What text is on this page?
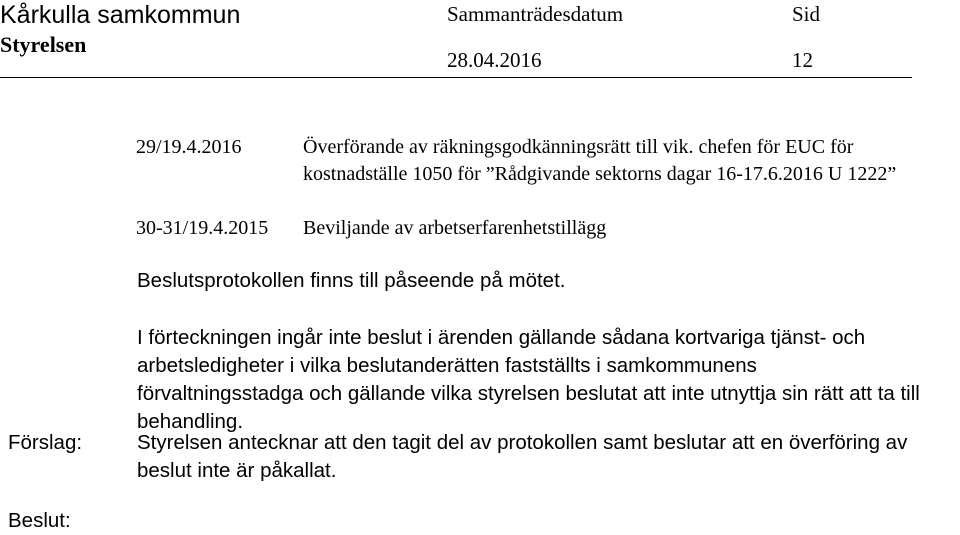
Kårkulla samkommun
Styrelsen
Sammanträdesdatum
28.04.2016
Sid
12
29/19.4.2016	Överförande av räkningsgodkänningsrätt till vik. chefen för EUC för kostnadställe 1050 för ”Rådgivande sektorns dagar 16-17.6.2016 U 1222”
30-31/19.4.2015 Beviljande av arbetserfarenhetstillägg
Beslutsprotokollen finns till påseende på mötet.
I förteckningen ingår inte beslut i ärenden gällande sådana kortvariga tjänst- och arbetsledigheter i vilka beslutanderätten fastställts i samkommunens förvaltningsstadga och gällande vilka styrelsen beslutat att inte utnyttja sin rätt att ta till behandling.
Förslag:	Styrelsen antecknar att den tagit del av protokollen samt beslutar att en överföring av beslut inte är påkallat.
Beslut:
